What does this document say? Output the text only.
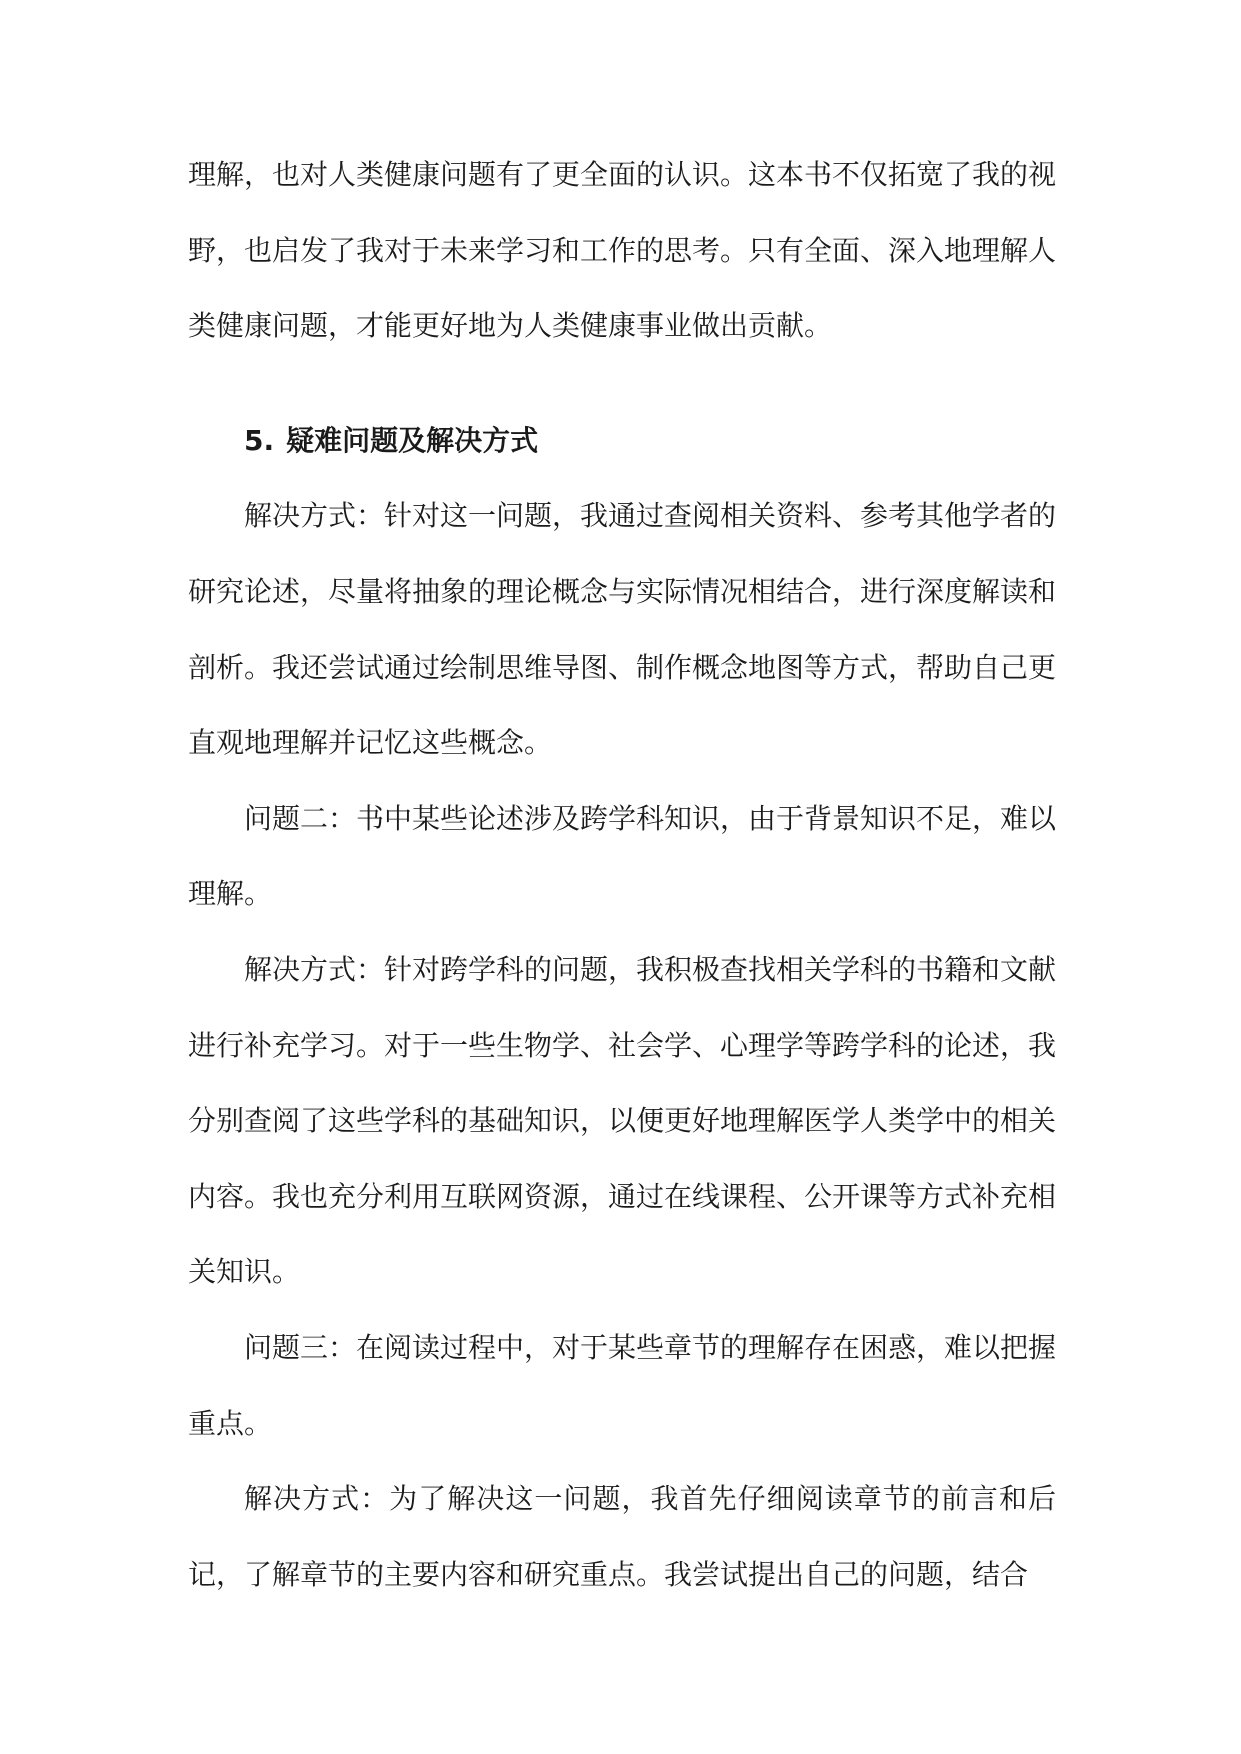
理解，也对人类健康问题有了更全面的认识。这本书不仅拓宽了我的视野，也启发了我对于未来学习和工作的思考。只有全面、深入地理解人类健康问题，才能更好地为人类健康事业做出贡献。

5. 疑难问题及解决方式

解决方式：针对这一问题，我通过查阅相关资料、参考其他学者的研究论述，尽量将抽象的理论概念与实际情况相结合，进行深度解读和剖析。我还尝试通过绘制思维导图、制作概念地图等方式，帮助自己更直观地理解并记忆这些概念。

问题二：书中某些论述涉及跨学科知识，由于背景知识不足，难以理解。

解决方式：针对跨学科的问题，我积极查找相关学科的书籍和文献进行补充学习。对于一些生物学、社会学、心理学等跨学科的论述，我分别查阅了这些学科的基础知识，以便更好地理解医学人类学中的相关内容。我也充分利用互联网资源，通过在线课程、公开课等方式补充相关知识。

问题三：在阅读过程中，对于某些章节的理解存在困惑，难以把握重点。

解决方式：为了解决这一问题，我首先仔细阅读章节的前言和后记，了解章节的主要内容和研究重点。我尝试提出自己的问题，结合
